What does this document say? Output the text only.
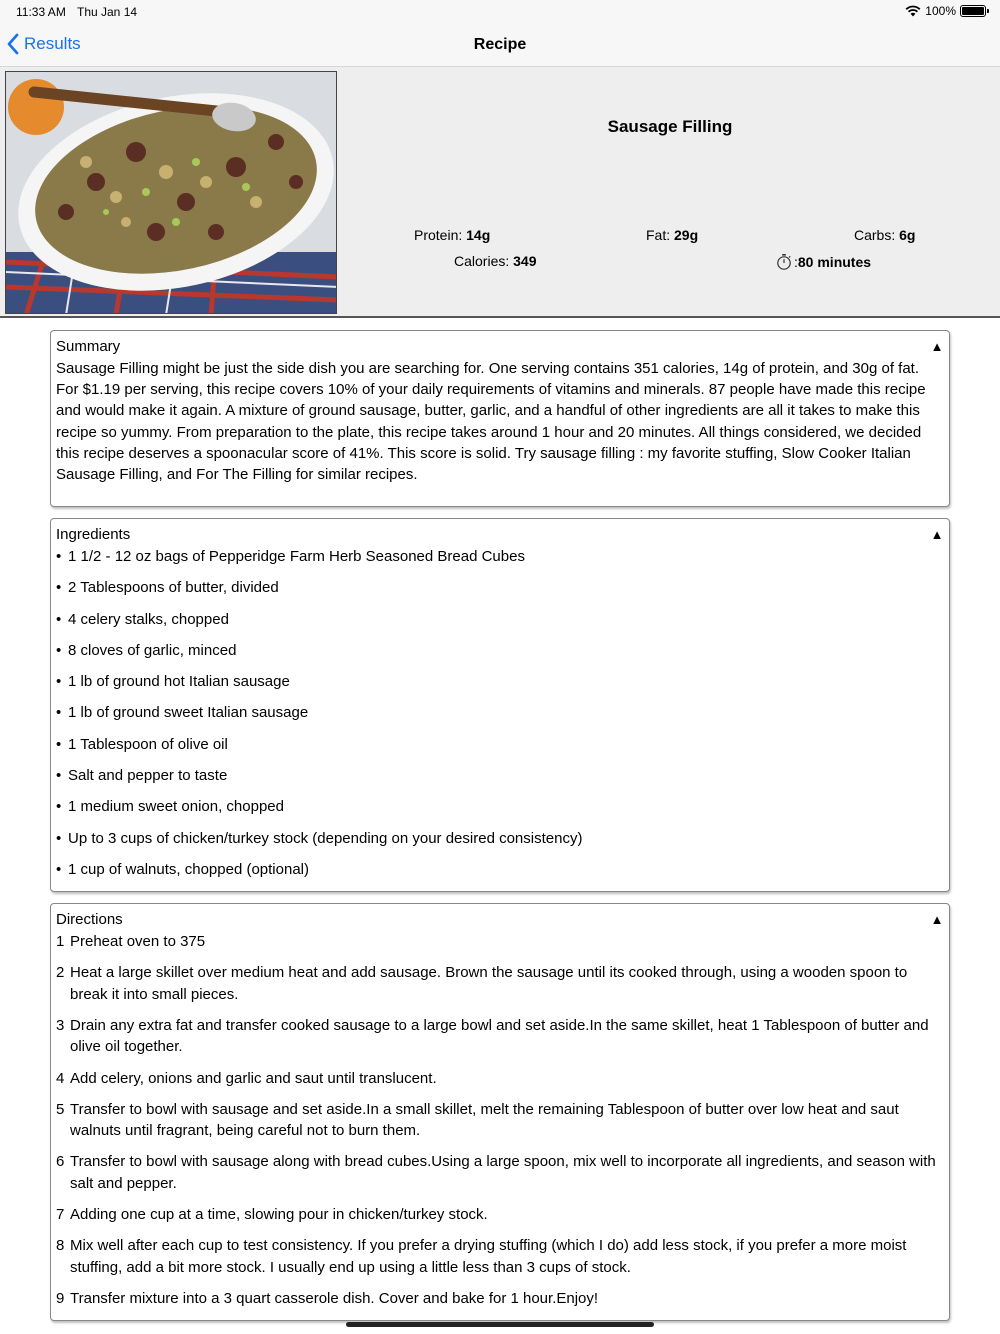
11:33 AM Thu Jan 14	100%
Results	Recipe
Sausage Filling
Protein: 14g	Fat: 29g	Carbs: 6g
Calories: 349	: 80 minutes
Summary	▲
Sausage Filling might be just the side dish you are searching for. One serving contains 351 calories, 14g of protein, and 30g of fat. For $1.19 per serving, this recipe covers 10% of your daily requirements of vitamins and minerals. 87 people have made this recipe and would make it again. A mixture of ground sausage, butter, garlic, and a handful of other ingredients are all it takes to make this recipe so yummy. From preparation to the plate, this recipe takes around 1 hour and 20 minutes. All things considered, we decided this recipe deserves a spoonacular score of 41%. This score is solid. Try sausage filling : my favorite stuffing, Slow Cooker Italian Sausage Filling, and For The Filling for similar recipes.
Ingredients	▲
• 1 1/2 - 12 oz bags of Pepperidge Farm Herb Seasoned Bread Cubes
• 2 Tablespoons of butter, divided
• 4 celery stalks, chopped
• 8 cloves of garlic, minced
• 1 lb of ground hot Italian sausage
• 1 lb of ground sweet Italian sausage
• 1 Tablespoon of olive oil
• Salt and pepper to taste
• 1 medium sweet onion, chopped
• Up to 3 cups of chicken/turkey stock (depending on your desired consistency)
• 1 cup of walnuts, chopped (optional)
Directions	▲
1 Preheat oven to 375
2 Heat a large skillet over medium heat and add sausage. Brown the sausage until its cooked through, using a wooden spoon to break it into small pieces.
3 Drain any extra fat and transfer cooked sausage to a large bowl and set aside.In the same skillet, heat 1 Tablespoon of butter and olive oil together.
4 Add celery, onions and garlic and saut until translucent.
5 Transfer to bowl with sausage and set aside.In a small skillet, melt the remaining Tablespoon of butter over low heat and saut walnuts until fragrant, being careful not to burn them.
6 Transfer to bowl with sausage along with bread cubes.Using a large spoon, mix well to incorporate all ingredients, and season with salt and pepper.
7 Adding one cup at a time, slowing pour in chicken/turkey stock.
8 Mix well after each cup to test consistency. If you prefer a drying stuffing (which I do) add less stock, if you prefer a more moist stuffing, add a bit more stock. I usually end up using a little less than 3 cups of stock.
9 Transfer mixture into a 3 quart casserole dish. Cover and bake for 1 hour.Enjoy!
